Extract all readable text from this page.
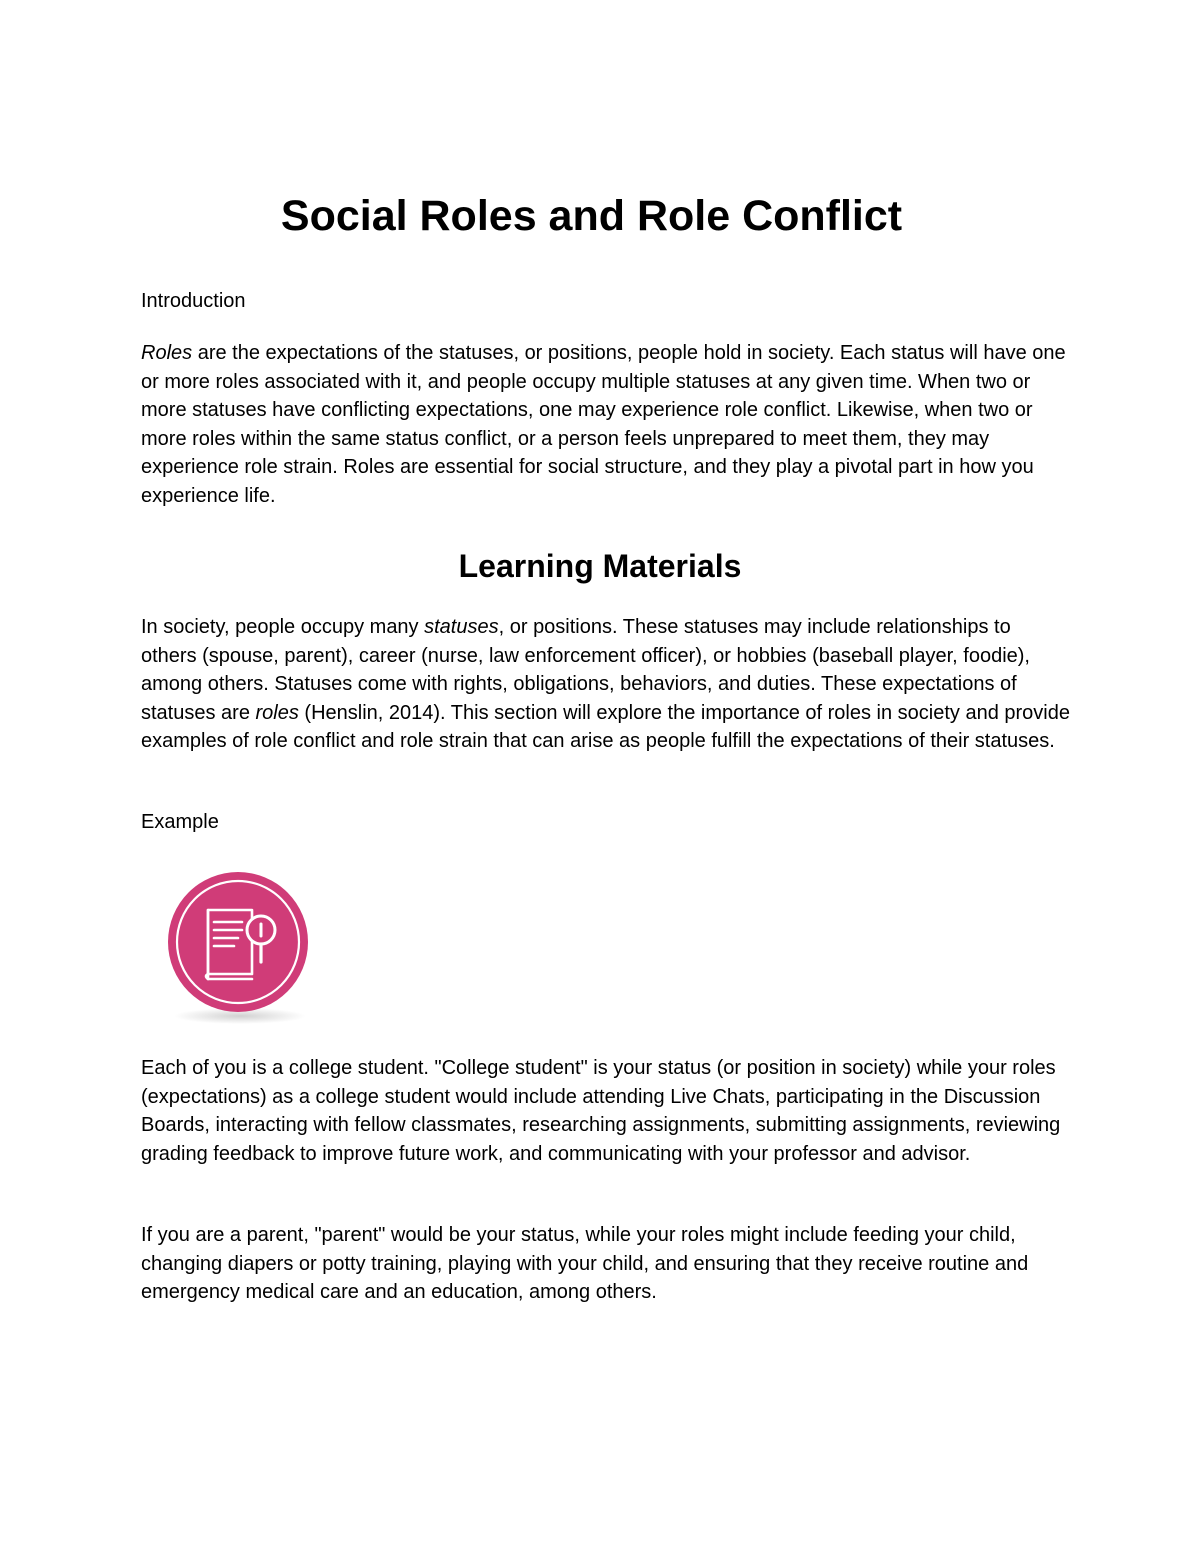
Social Roles and Role Conflict

Introduction

Roles are the expectations of the statuses, or positions, people hold in society. Each status will have one or more roles associated with it, and people occupy multiple statuses at any given time. When two or more statuses have conflicting expectations, one may experience role conflict. Likewise, when two or more roles within the same status conflict, or a person feels unprepared to meet them, they may experience role strain. Roles are essential for social structure, and they play a pivotal part in how you experience life.

Learning Materials

In society, people occupy many statuses, or positions. These statuses may include relationships to others (spouse, parent), career (nurse, law enforcement officer), or hobbies (baseball player, foodie), among others. Statuses come with rights, obligations, behaviors, and duties. These expectations of statuses are roles (Henslin, 2014). This section will explore the importance of roles in society and provide examples of role conflict and role strain that can arise as people fulfill the expectations of their statuses.

Example

Each of you is a college student. "College student" is your status (or position in society) while your roles (expectations) as a college student would include attending Live Chats, participating in the Discussion Boards, interacting with fellow classmates, researching assignments, submitting assignments, reviewing grading feedback to improve future work, and communicating with your professor and advisor.

If you are a parent, "parent" would be your status, while your roles might include feeding your child, changing diapers or potty training, playing with your child, and ensuring that they receive routine and emergency medical care and an education, among others.
